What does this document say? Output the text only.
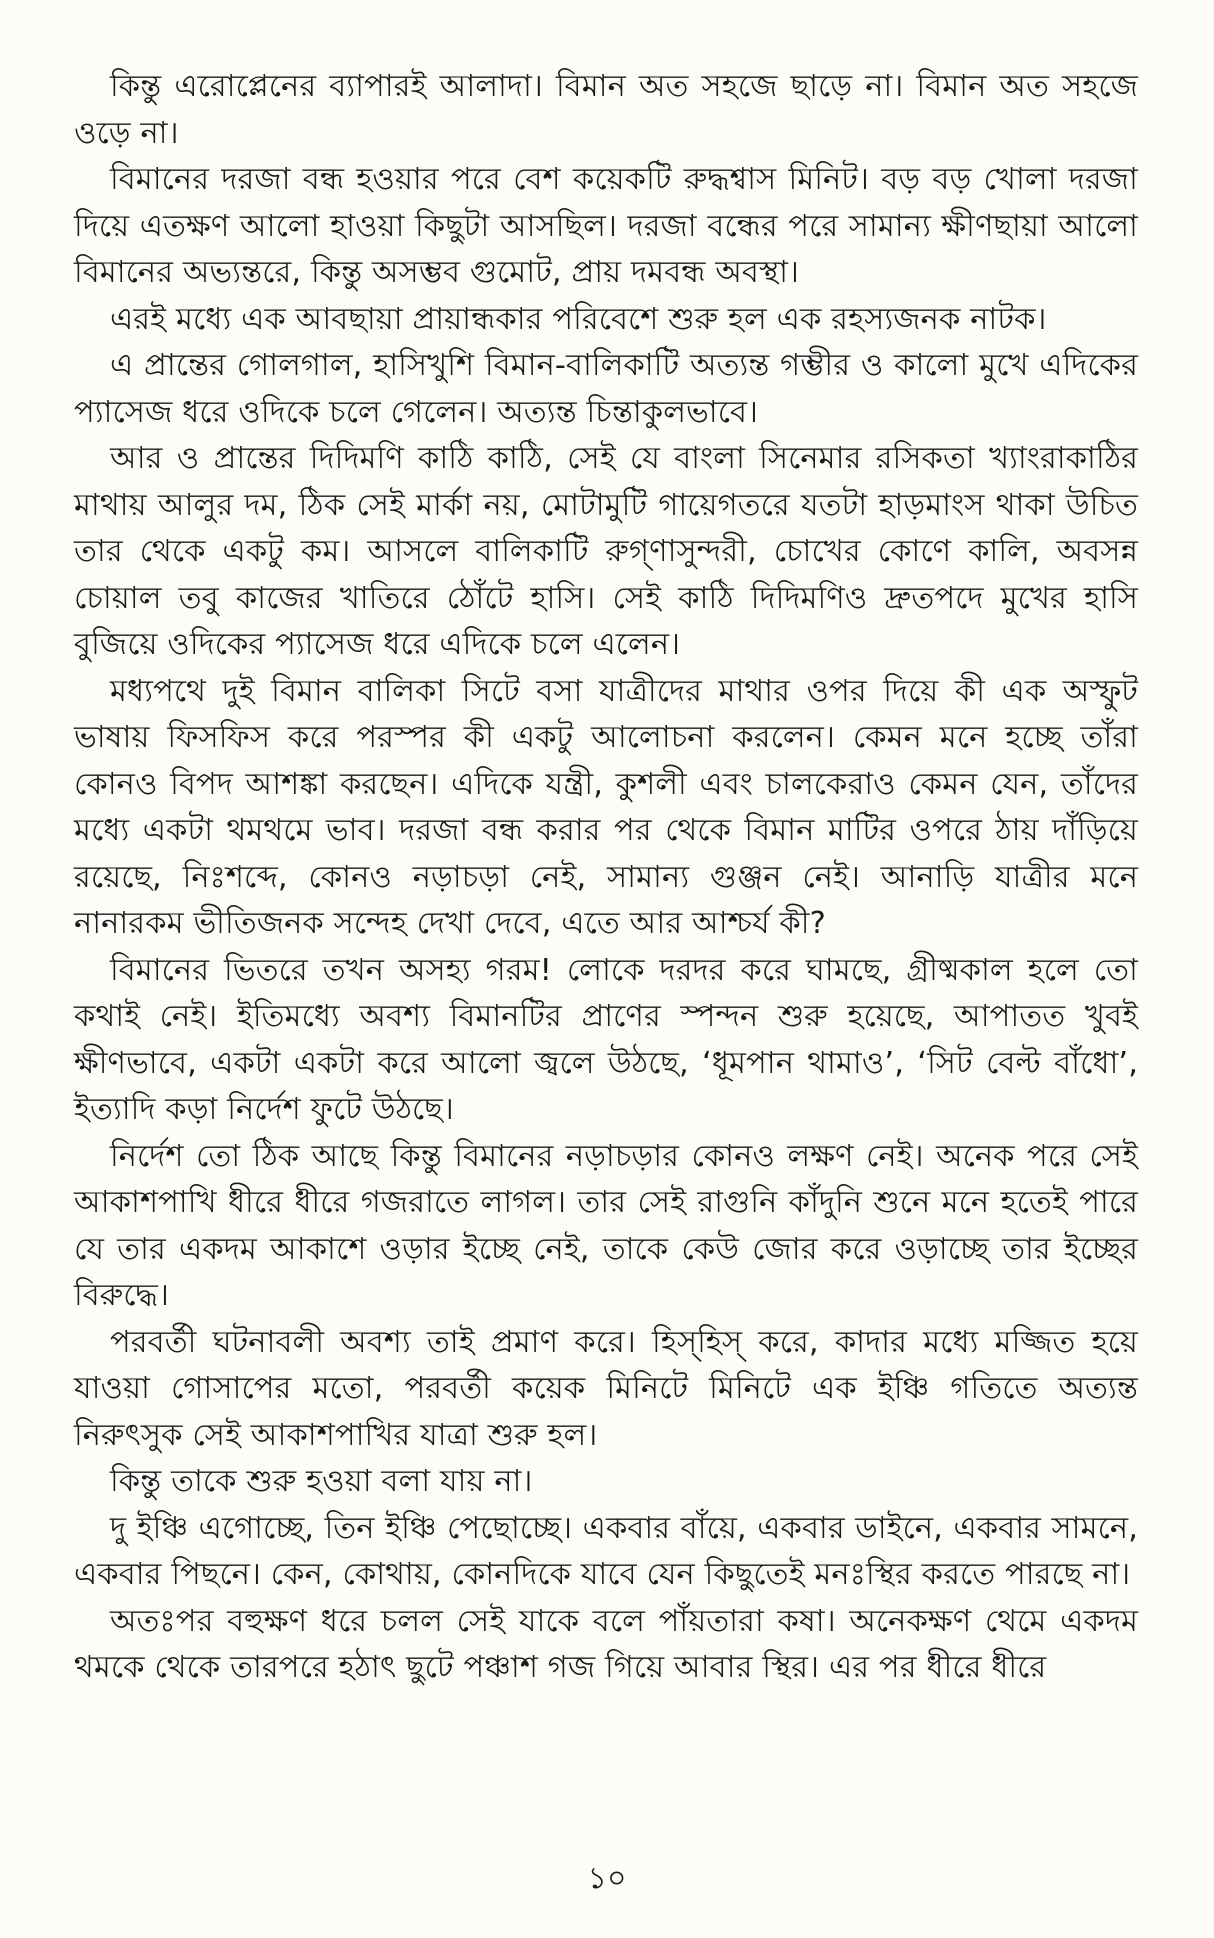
কিন্তু এরোপ্লেনের ব্যাপারই আলাদা। বিমান অত সহজে ছাড়ে না। বিমান অত সহজে ওড়ে না।

বিমানের দরজা বন্ধ হওয়ার পরে বেশ কয়েকটি রুদ্ধশ্বাস মিনিট। বড় বড় খোলা দরজা দিয়ে এতক্ষণ আলো হাওয়া কিছুটা আসছিল। দরজা বন্ধের পরে সামান্য ক্ষীণছায়া আলো বিমানের অভ্যন্তরে, কিন্তু অসম্ভব গুমোট, প্রায় দমবন্ধ অবস্থা।

এরই মধ্যে এক আবছায়া প্রায়ান্ধকার পরিবেশে শুরু হল এক রহস্যজনক নাটক।

এ প্রান্তের গোলগাল, হাসিখুশি বিমান-বালিকাটি অত্যন্ত গম্ভীর ও কালো মুখে এদিকের প্যাসেজ ধরে ওদিকে চলে গেলেন। অত্যন্ত চিন্তাকুলভাবে।

আর ও প্রান্তের দিদিমণি কাঠি কাঠি, সেই যে বাংলা সিনেমার রসিকতা খ্যাংরাকাঠির মাথায় আলুর দম, ঠিক সেই মার্কা নয়, মোটামুটি গায়েগতরে যতটা হাড়মাংস থাকা উচিত তার থেকে একটু কম। আসলে বালিকাটি রুগ্ণাসুন্দরী, চোখের কোণে কালি, অবসন্ন চোয়াল তবু কাজের খাতিরে ঠোঁটে হাসি। সেই কাঠি দিদিমণিও দ্রুতপদে মুখের হাসি বুজিয়ে ওদিকের প্যাসেজ ধরে এদিকে চলে এলেন।

মধ্যপথে দুই বিমান বালিকা সিটে বসা যাত্রীদের মাথার ওপর দিয়ে কী এক অস্ফুট ভাষায় ফিসফিস করে পরস্পর কী একটু আলোচনা করলেন। কেমন মনে হচ্ছে তাঁরা কোনও বিপদ আশঙ্কা করছেন। এদিকে যন্ত্রী, কুশলী এবং চালকেরাও কেমন যেন, তাঁদের মধ্যে একটা থমথমে ভাব। দরজা বন্ধ করার পর থেকে বিমান মাটির ওপরে ঠায় দাঁড়িয়ে রয়েছে, নিঃশব্দে, কোনও নড়াচড়া নেই, সামান্য গুঞ্জন নেই। আনাড়ি যাত্রীর মনে নানারকম ভীতিজনক সন্দেহ দেখা দেবে, এতে আর আশ্চর্য কী?

বিমানের ভিতরে তখন অসহ্য গরম! লোকে দরদর করে ঘামছে, গ্রীষ্মকাল হলে তো কথাই নেই। ইতিমধ্যে অবশ্য বিমানটির প্রাণের স্পন্দন শুরু হয়েছে, আপাতত খুবই ক্ষীণভাবে, একটা একটা করে আলো জ্বলে উঠছে, ‘ধূমপান থামাও’, ‘সিট বেল্ট বাঁধো’, ইত্যাদি কড়া নির্দেশ ফুটে উঠছে।

নির্দেশ তো ঠিক আছে কিন্তু বিমানের নড়াচড়ার কোনও লক্ষণ নেই। অনেক পরে সেই আকাশপাখি ধীরে ধীরে গজরাতে লাগল। তার সেই রাগুনি কাঁদুনি শুনে মনে হতেই পারে যে তার একদম আকাশে ওড়ার ইচ্ছে নেই, তাকে কেউ জোর করে ওড়াচ্ছে তার ইচ্ছের বিরুদ্ধে।

পরবর্তী ঘটনাবলী অবশ্য তাই প্রমাণ করে। হিস্‌হিস্ করে, কাদার মধ্যে মজ্জিত হয়ে যাওয়া গোসাপের মতো, পরবর্তী কয়েক মিনিটে মিনিটে এক ইঞ্চি গতিতে অত্যন্ত নিরুৎসুক সেই আকাশপাখির যাত্রা শুরু হল।

কিন্তু তাকে শুরু হওয়া বলা যায় না।

দু ইঞ্চি এগোচ্ছে, তিন ইঞ্চি পেছোচ্ছে। একবার বাঁয়ে, একবার ডাইনে, একবার সামনে, একবার পিছনে। কেন, কোথায়, কোনদিকে যাবে যেন কিছুতেই মনঃস্থির করতে পারছে না।

অতঃপর বহুক্ষণ ধরে চলল সেই যাকে বলে পাঁয়তারা কষা। অনেকক্ষণ থেমে একদম থমকে থেকে তারপরে হঠাৎ ছুটে পঞ্চাশ গজ গিয়ে আবার স্থির। এর পর ধীরে ধীরে

১০
